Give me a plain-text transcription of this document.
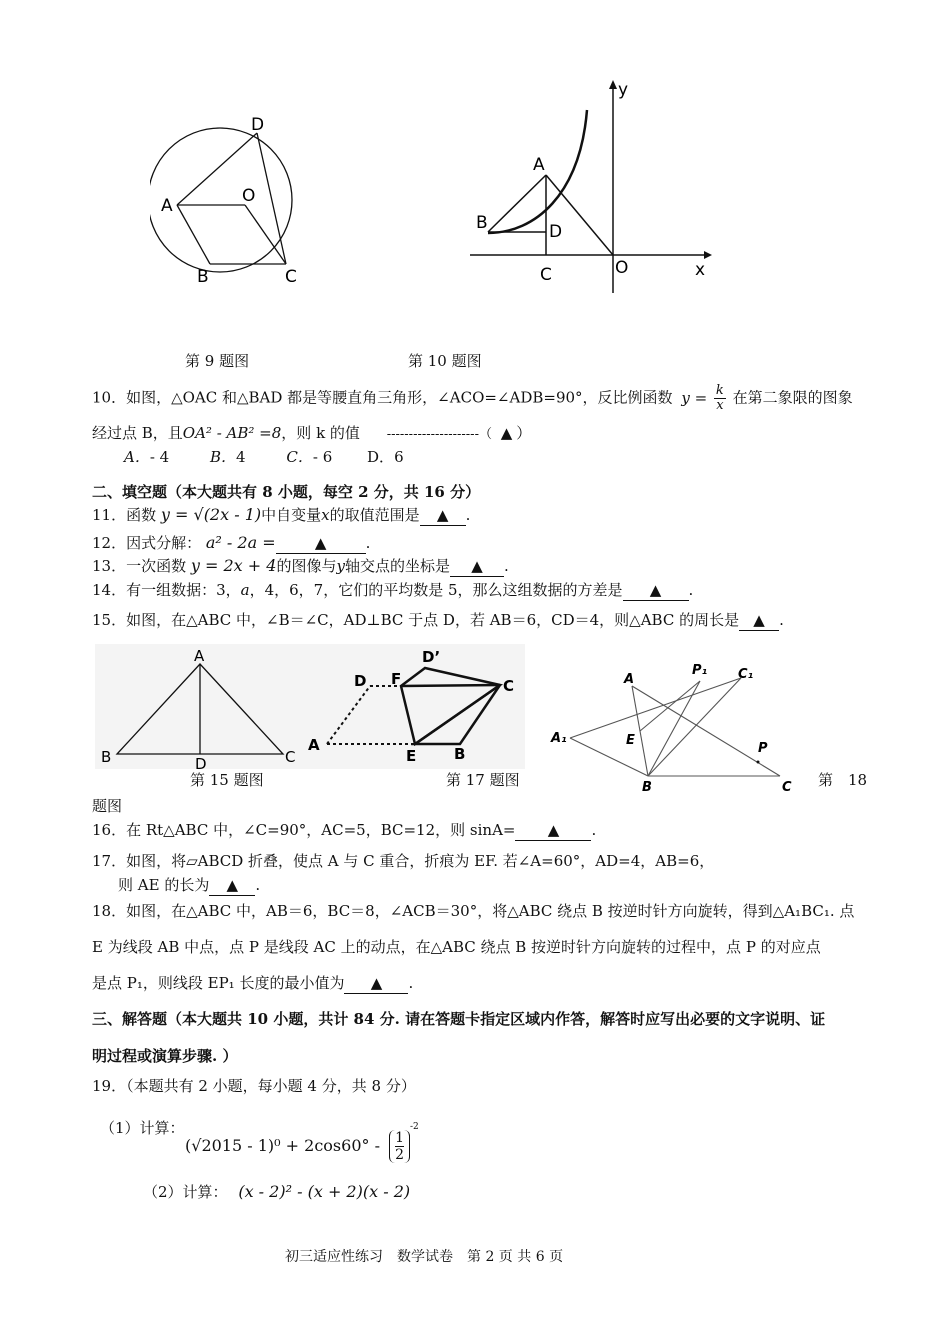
D
O
A
B	C
y
x
A
B	D
C	O
第 9 题图	第 10 题图
10．如图，△OAC 和△BAD 都是等腰直角三角形，∠ACO=∠ADB=90°，反比例函数 $y = \frac{k}{x}$ 在第二象限的图象
经过点 B，且OA² - AB² =8，则 k 的值 ---------------------（ ▲ ）
A．- 4	B．4	C．- 6 D．6
二、填空题（本大题共有 8 小题，每空 2 分，共 16 分）
11．函数 y = √(2x - 1)中自变量x的取值范围是 ▲ .
12．因式分解： a² - 2a =	▲	.
13．一次函数 y = 2x + 4的图像与y轴交点的坐标是 ▲ .
14．有一组数据：3，a，4，6，7，它们的平均数是 5，那么这组数据的方差是 ▲ .
15．如图，在△ABC 中，∠B＝∠C，AD⊥BC 于点 D，若 AB＝6，CD＝4，则△ABC 的周长是 ▲ .
A
B	C
D
D’
D F	C
A
E	B
A
P₁ C₁
A₁	E
P
B	C
第 15 题图	第 17 题图	第　18
题图
16．在 Rt△ABC 中，∠C=90°，AC=5，BC=12，则 sinA= ▲ .
17．如图，将▱ABCD 折叠，使点 A 与 C 重合，折痕为 EF. 若∠A=60°，AD=4，AB=6，
则 AE 的长为 ▲ .
18．如图，在△ABC 中，AB＝6，BC＝8，∠ACB＝30°，将△ABC 绕点 B 按逆时针方向旋转，得到△A₁BC₁. 点
E 为线段 AB 中点，点 P 是线段 AC 上的动点，在△ABC 绕点 B 按逆时针方向旋转的过程中，点 P 的对应点
是点 P₁，则线段 EP₁ 长度的最小值为 ▲ .
三、解答题（本大题共 10 小题，共计 84 分. 请在答题卡指定区域内作答，解答时应写出必要的文字说明、证
明过程或演算步骤. ）
19．（本题共有 2 小题，每小题 4 分，共 8 分）
（1）计算：
$(√2015 - 1)^0 + 2\cos 60^\circ - \frac{1}{2}$
$^{-2}$
（2）计算： (x - 2)² - (x + 2)(x - 2)
初三适应性练习　数学试卷　第 2 页 共 6 页
